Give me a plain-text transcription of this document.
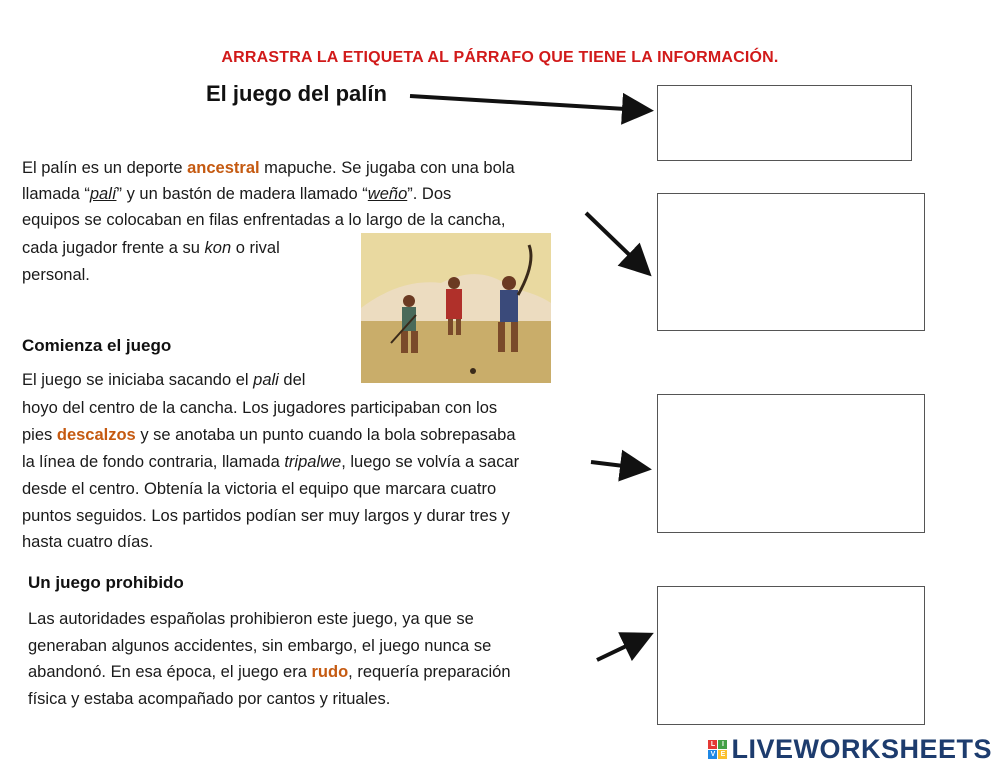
ARRASTRA LA ETIQUETA AL PÁRRAFO QUE TIENE LA INFORMACIÓN.
El juego del palín
El palín es un deporte ancestral mapuche. Se jugaba con una bola
llamada “palí” y un bastón de madera llamado “weño”. Dos
equipos se colocaban en filas enfrentadas a lo largo de la cancha,
cada jugador frente a su kon o rival
personal.
Comienza el juego
El juego se iniciaba sacando el pali del
hoyo del centro de la cancha. Los jugadores participaban con los
pies descalzos y se anotaba un punto cuando la bola sobrepasaba
la línea de fondo contraria, llamada tripalwe, luego se volvía a sacar
desde el centro. Obtenía la victoria el equipo que marcara cuatro
puntos seguidos. Los partidos podían ser muy largos y durar tres y
hasta cuatro días.
Un juego prohibido
Las autoridades españolas prohibieron este juego, ya que se
generaban algunos accidentes, sin embargo, el juego nunca se
abandonó. En esa época, el juego era rudo, requería preparación
física y estaba acompañado por cantos y rituales.
L I
V E LIVEWORKSHEETS
